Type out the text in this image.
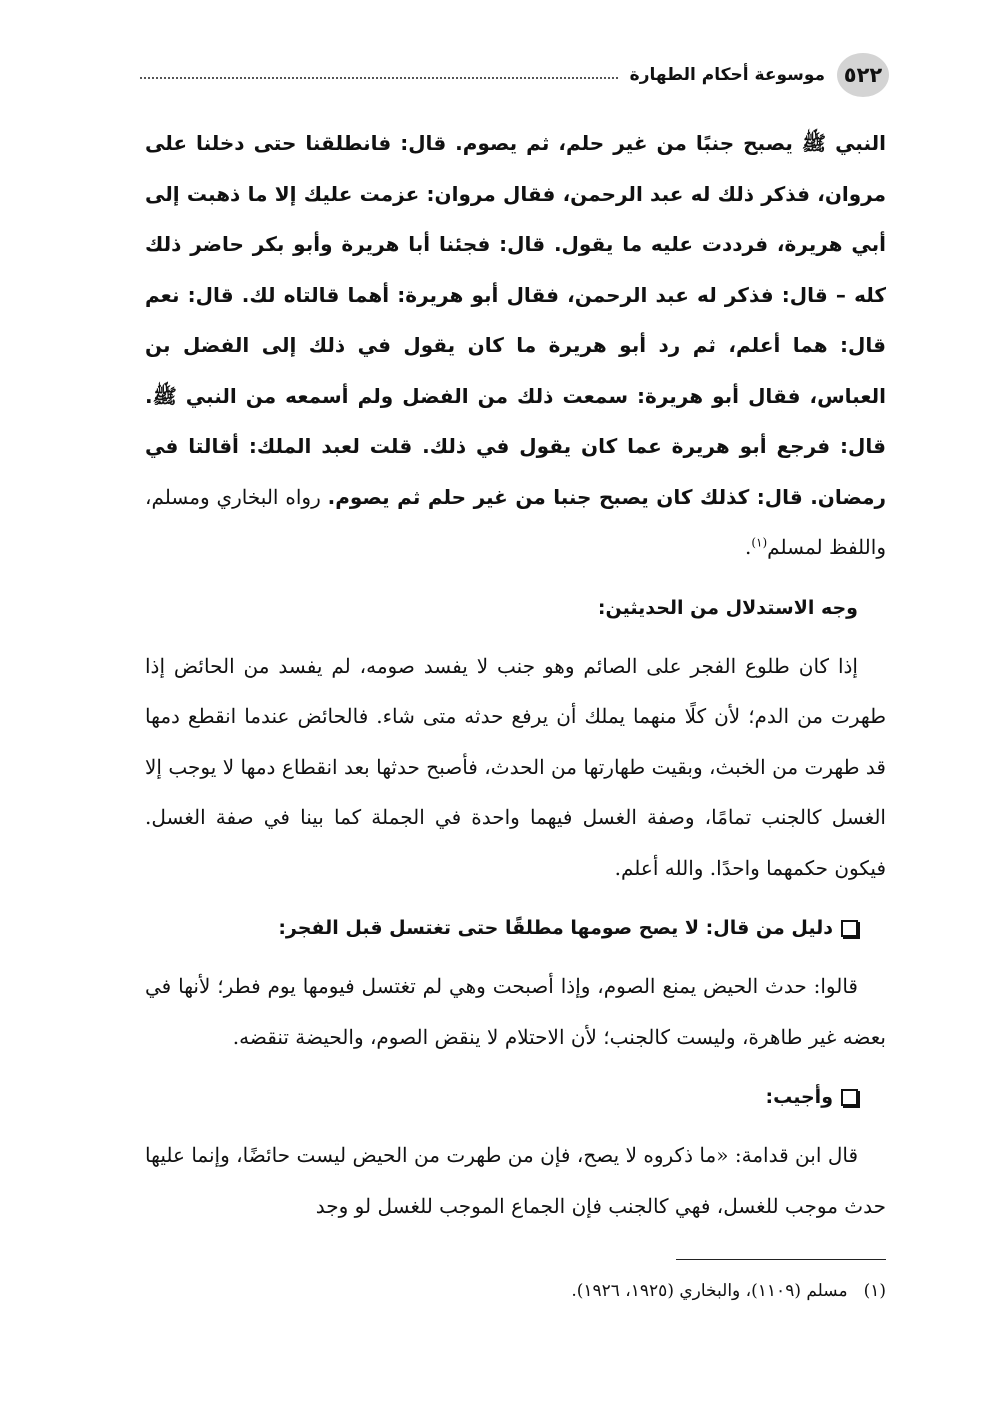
٥٢٢
موسوعة أحكام الطهارة

النبي ﷺ يصبح جنبًا من غير حلم، ثم يصوم. قال: فانطلقنا حتى دخلنا على مروان، فذكر ذلك له عبد الرحمن، فقال مروان: عزمت عليك إلا ما ذهبت إلى أبي هريرة، فرددت عليه ما يقول. قال: فجئنا أبا هريرة وأبو بكر حاضر ذلك كله – قال: فذكر له عبد الرحمن، فقال أبو هريرة: أهما قالتاه لك. قال: نعم قال: هما أعلم، ثم رد أبو هريرة ما كان يقول في ذلك إلى الفضل بن العباس، فقال أبو هريرة: سمعت ذلك من الفضل ولم أسمعه من النبي ﷺ. قال: فرجع أبو هريرة عما كان يقول في ذلك. قلت لعبد الملك: أقالتا في رمضان. قال: كذلك كان يصبح جنبا من غير حلم ثم يصوم. رواه البخاري ومسلم، واللفظ لمسلم$^{(١)}$.

وجه الاستدلال من الحديثين:

إذا كان طلوع الفجر على الصائم وهو جنب لا يفسد صومه، لم يفسد من الحائض إذا طهرت من الدم؛ لأن كلًا منهما يملك أن يرفع حدثه متى شاء. فالحائض عندما انقطع دمها قد طهرت من الخبث، وبقيت طهارتها من الحدث، فأصبح حدثها بعد انقطاع دمها لا يوجب إلا الغسل كالجنب تمامًا، وصفة الغسل فيهما واحدة في الجملة كما بينا في صفة الغسل. فيكون حكمهما واحدًا. والله أعلم.

دليل من قال: لا يصح صومها مطلقًا حتى تغتسل قبل الفجر:

قالوا: حدث الحيض يمنع الصوم، وإذا أصبحت وهي لم تغتسل فيومها يوم فطر؛ لأنها في بعضه غير طاهرة، وليست كالجنب؛ لأن الاحتلام لا ينقض الصوم، والحيضة تنقضه.

وأجيب:

قال ابن قدامة: «ما ذكروه لا يصح، فإن من طهرت من الحيض ليست حائضًا، وإنما عليها حدث موجب للغسل، فهي كالجنب فإن الجماع الموجب للغسل لو وجد

(١)
مسلم (١١٠٩)، والبخاري (١٩٢٥، ١٩٢٦).
